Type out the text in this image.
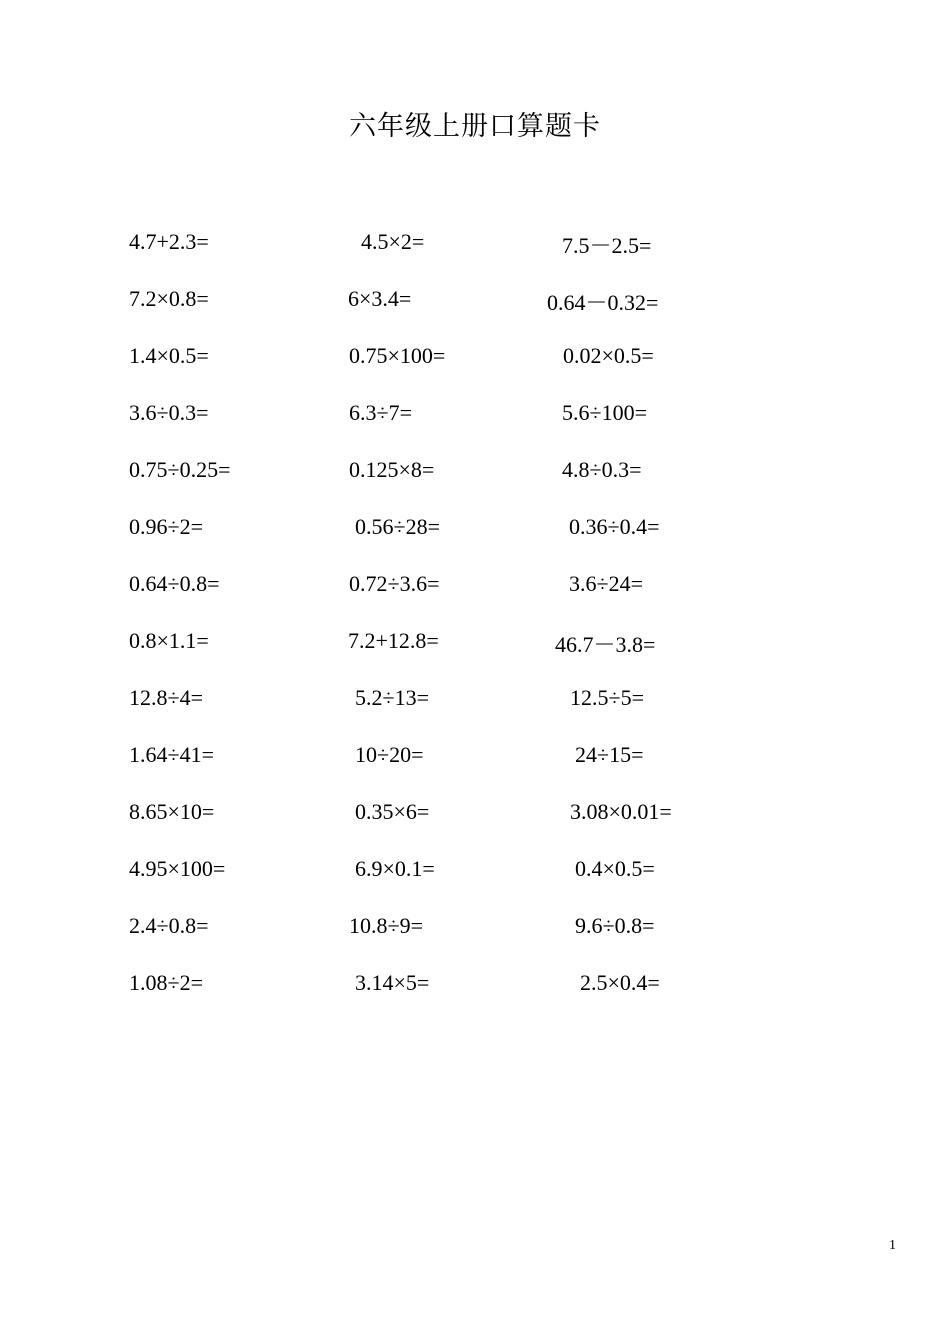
六年级上册口算题卡
4.7+2.3=	4.5×2=	7.5－2.5=
7.2×0.8=	6×3.4=	0.64－0.32=
1.4×0.5=	0.75×100=	0.02×0.5=
3.6÷0.3=	6.3÷7=	5.6÷100=
0.75÷0.25=	0.125×8=	4.8÷0.3=
0.96÷2=	0.56÷28=	0.36÷0.4=
0.64÷0.8=	0.72÷3.6=	3.6÷24=
0.8×1.1=	7.2+12.8=	46.7－3.8=
12.8÷4=	5.2÷13=	12.5÷5=
1.64÷41=	10÷20=	24÷15=
8.65×10=	0.35×6=	3.08×0.01=
4.95×100=	6.9×0.1=	0.4×0.5=
2.4÷0.8=	10.8÷9=	9.6÷0.8=
1.08÷2=	3.14×5=	2.5×0.4=
1
